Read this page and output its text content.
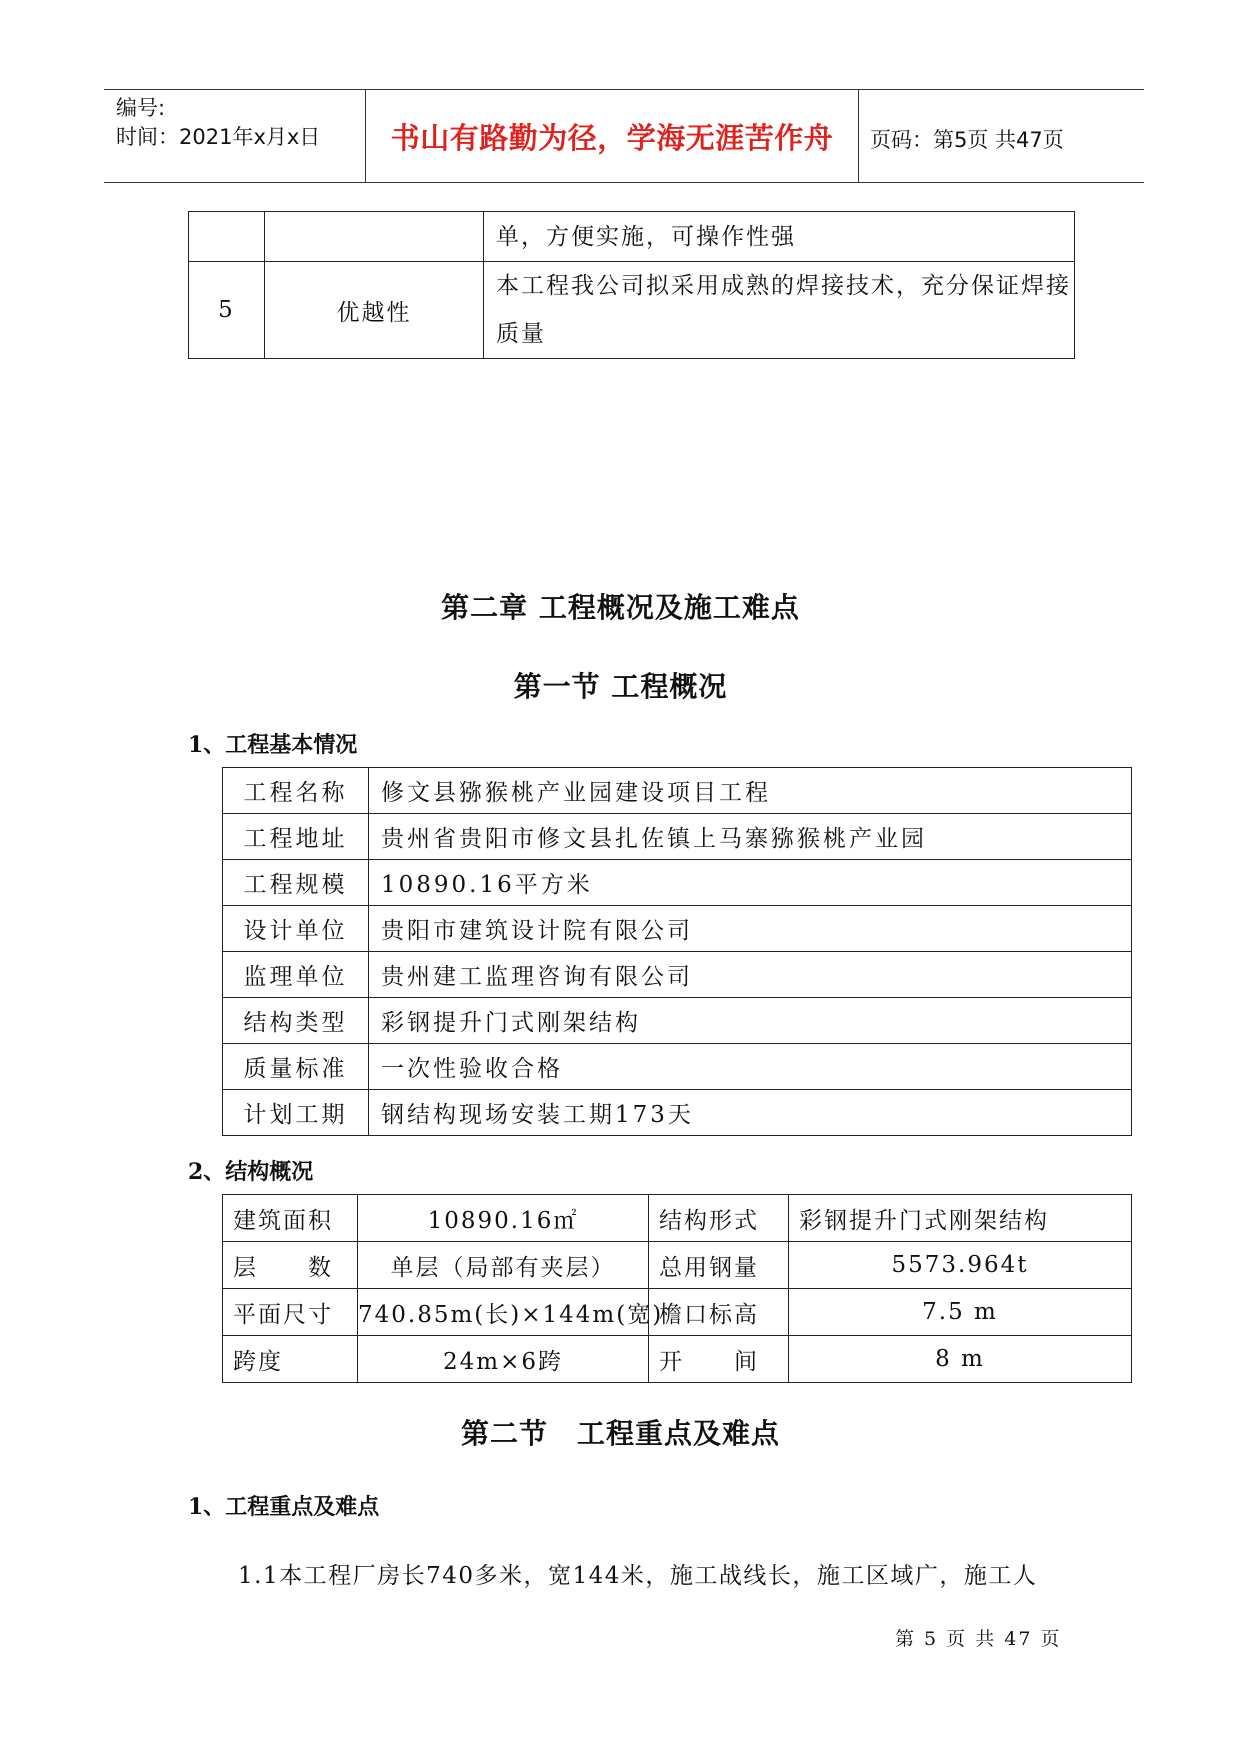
编号:
时间：2021年x月x日	书山有路勤为径，学海无涯苦作舟	页码：第5页 共47页
		单，方便实施，可操作性强
5	优越性	本工程我公司拟采用成熟的焊接技术，充分保证焊接质量
第二章 工程概况及施工难点
第一节 工程概况
1、工程基本情况
工程名称	修文县猕猴桃产业园建设项目工程
工程地址	贵州省贵阳市修文县扎佐镇上马寨猕猴桃产业园
工程规模	10890.16平方米
设计单位	贵阳市建筑设计院有限公司
监理单位	贵州建工监理咨询有限公司
结构类型	彩钢提升门式刚架结构
质量标准	一次性验收合格
计划工期	钢结构现场安装工期173天
2、结构概况
建筑面积	10890.16㎡	结构形式	彩钢提升门式刚架结构
层　　数	单层（局部有夹层）	总用钢量	5573.964t
平面尺寸	740.85m(长)×144m(宽)	檐口标高	7.5 m
跨度	24m×6跨	开　　间	8 m
第二节　工程重点及难点
1、工程重点及难点
1.1本工程厂房长740多米，宽144米，施工战线长，施工区域广，施工人
第 5 页 共 47 页
